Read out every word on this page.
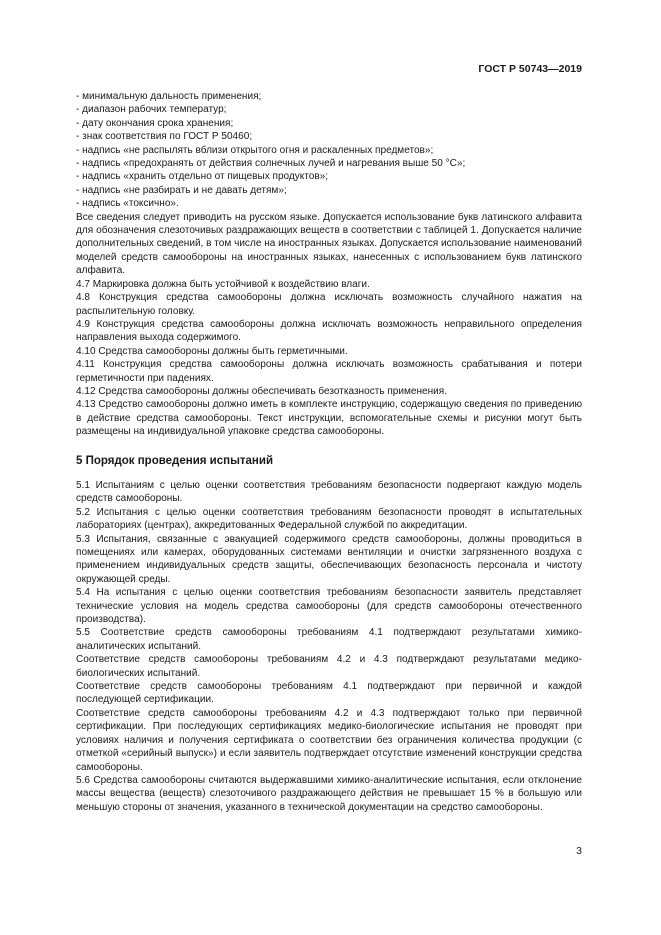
ГОСТ Р 50743—2019

- минимальную дальность применения;

- диапазон рабочих температур;

- дату окончания срока хранения;

- знак соответствия по ГОСТ Р 50460;

- надпись «не распылять вблизи открытого огня и раскаленных предметов»;

- надпись «предохранять от действия солнечных лучей и нагревания выше 50 °С»;

- надпись «хранить отдельно от пищевых продуктов»;

- надпись «не разбирать и не давать детям»;

- надпись «токсично».

Все сведения следует приводить на русском языке. Допускается использование букв латинского алфавита для обозначения слезоточивых раздражающих веществ в соответствии с таблицей 1. Допускается наличие дополнительных сведений, в том числе на иностранных языках. Допускается использование наименований моделей средств самообороны на иностранных языках, нанесенных с использованием букв латинского алфавита.

4.7 Маркировка должна быть устойчивой к воздействию влаги.

4.8 Конструкция средства самообороны должна исключать возможность случайного нажатия на распылительную головку.

4.9 Конструкция средства самообороны должна исключать возможность неправильного определения направления выхода содержимого.

4.10 Средства самообороны должны быть герметичными.

4.11 Конструкция средства самообороны должна исключать возможность срабатывания и потери герметичности при падениях.

4.12 Средства самообороны должны обеспечивать безотказность применения.

4.13 Средство самообороны должно иметь в комплекте инструкцию, содержащую сведения по приведению в действие средства самообороны. Текст инструкции, вспомогательные схемы и рисунки могут быть размещены на индивидуальной упаковке средства самообороны.

5 Порядок проведения испытаний

5.1 Испытаниям с целью оценки соответствия требованиям безопасности подвергают каждую модель средств самообороны.

5.2 Испытания с целью оценки соответствия требованиям безопасности проводят в испытательных лабораториях (центрах), аккредитованных Федеральной службой по аккредитации.

5.3 Испытания, связанные с эвакуацией содержимого средств самообороны, должны проводиться в помещениях или камерах, оборудованных системами вентиляции и очистки загрязненного воздуха с применением индивидуальных средств защиты, обеспечивающих безопасность персонала и чистоту окружающей среды.

5.4 На испытания с целью оценки соответствия требованиям безопасности заявитель представляет технические условия на модель средства самообороны (для средств самообороны отечественного производства).

5.5 Соответствие средств самообороны требованиям 4.1 подтверждают результатами химико-аналитических испытаний.

Соответствие средств самообороны требованиям 4.2 и 4.3 подтверждают результатами медико-биологических испытаний.

Соответствие средств самообороны требованиям 4.1 подтверждают при первичной и каждой последующей сертификации.

Соответствие средств самообороны требованиям 4.2 и 4.3 подтверждают только при первичной сертификации. При последующих сертификациях медико-биологические испытания не проводят при условиях наличия и получения сертификата о соответствии без ограничения количества продукции (с отметкой «серийный выпуск») и если заявитель подтверждает отсутствие изменений конструкции средства самообороны.

5.6 Средства самообороны считаются выдержавшими химико-аналитические испытания, если отклонение массы вещества (веществ) слезоточивого раздражающего действия не превышает 15 % в большую или меньшую стороны от значения, указанного в технической документации на средство самообороны.

3
